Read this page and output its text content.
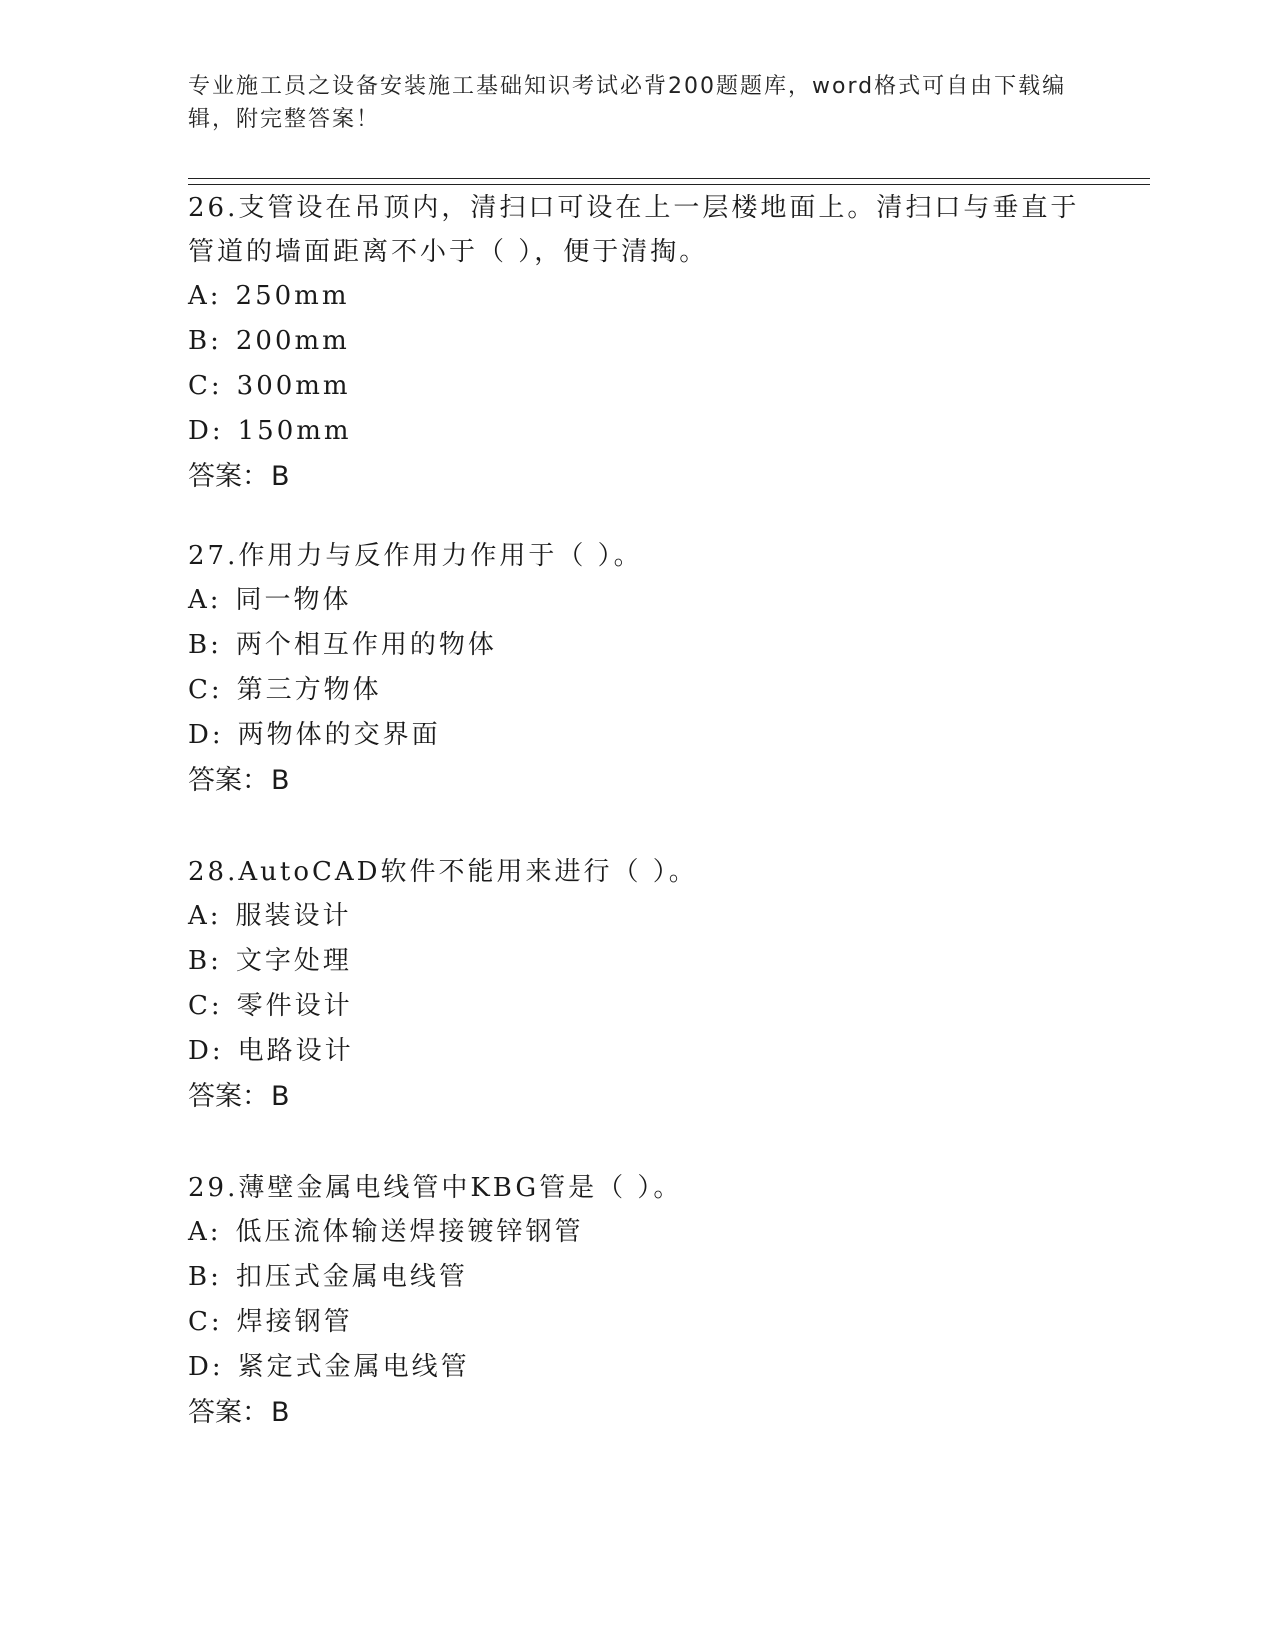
专业施工员之设备安装施工基础知识考试必背200题题库，word格式可自由下载编辑，附完整答案！

26.支管设在吊顶内，清扫口可设在上一层楼地面上。清扫口与垂直于管道的墙面距离不小于（ ），便于清掏。

A: 250mm
B: 200mm
C: 300mm
D: 150mm
答案：B

27.作用力与反作用力作用于（ ）。

A: 同一物体
B: 两个相互作用的物体
C: 第三方物体
D: 两物体的交界面
答案：B

28.AutoCAD软件不能用来进行（ ）。

A: 服装设计
B: 文字处理
C: 零件设计
D: 电路设计
答案：B

29.薄壁金属电线管中KBG管是（ ）。

A: 低压流体输送焊接镀锌钢管
B: 扣压式金属电线管
C: 焊接钢管
D: 紧定式金属电线管
答案：B
